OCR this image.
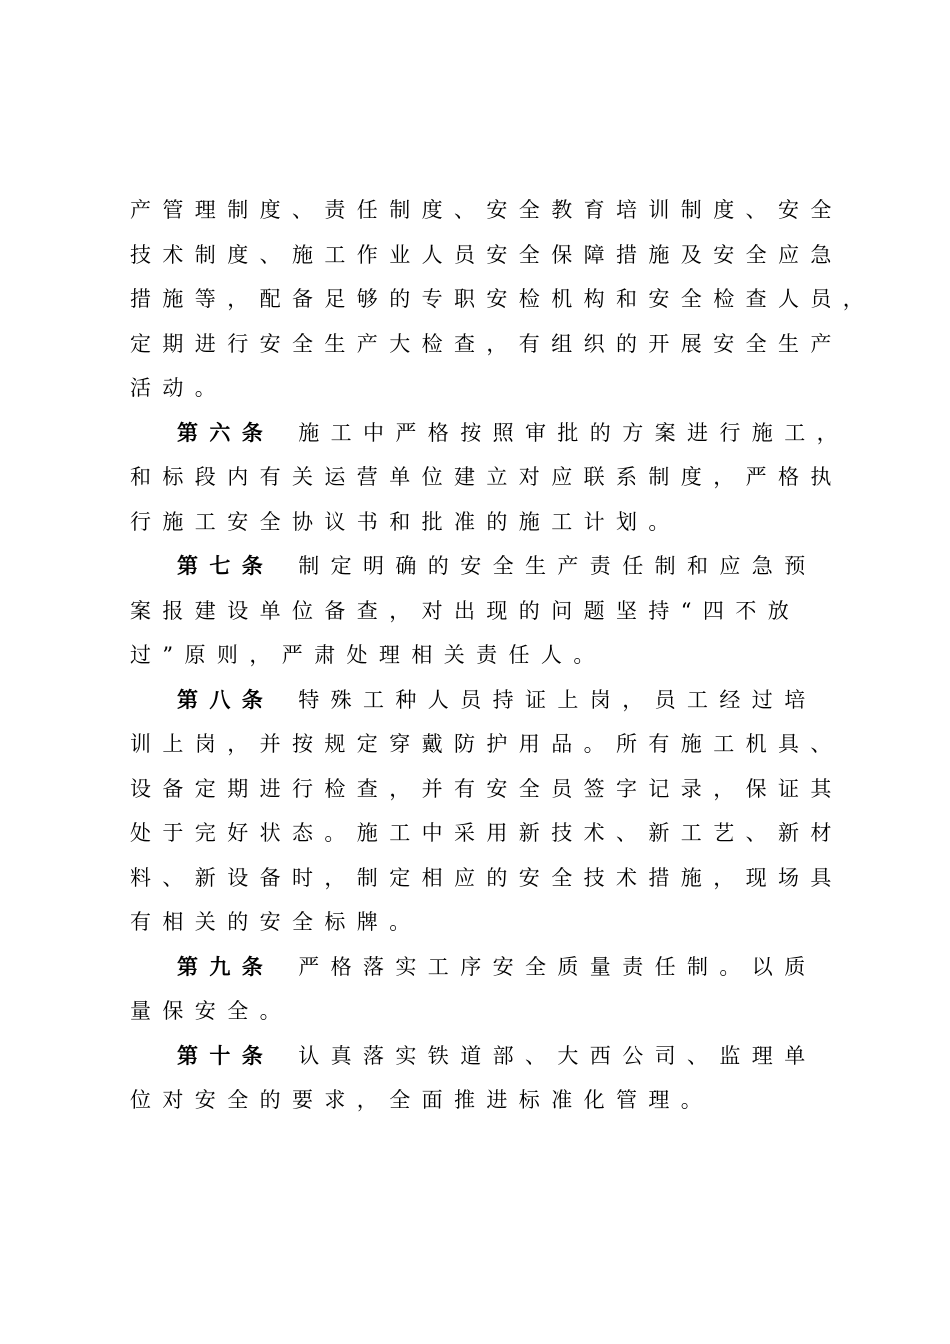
产管理制度、责任制度、安全教育培训制度、安全
技术制度、施工作业人员安全保障措施及安全应急
措施等，配备足够的专职安检机构和安全检查人员，
定期进行安全生产大检查，有组织的开展安全生产
活动。
第六条 施工中严格按照审批的方案进行施工，
和标段内有关运营单位建立对应联系制度，严格执
行施工安全协议书和批准的施工计划。
第七条 制定明确的安全生产责任制和应急预
案报建设单位备查，对出现的问题坚持“四不放
过”原则，严肃处理相关责任人。
第八条 特殊工种人员持证上岗，员工经过培
训上岗，并按规定穿戴防护用品。所有施工机具、
设备定期进行检查，并有安全员签字记录，保证其
处于完好状态。施工中采用新技术、新工艺、新材
料、新设备时，制定相应的安全技术措施，现场具
有相关的安全标牌。
第九条 严格落实工序安全质量责任制。以质
量保安全。
第十条 认真落实铁道部、大西公司、监理单
位对安全的要求，全面推进标准化管理。
